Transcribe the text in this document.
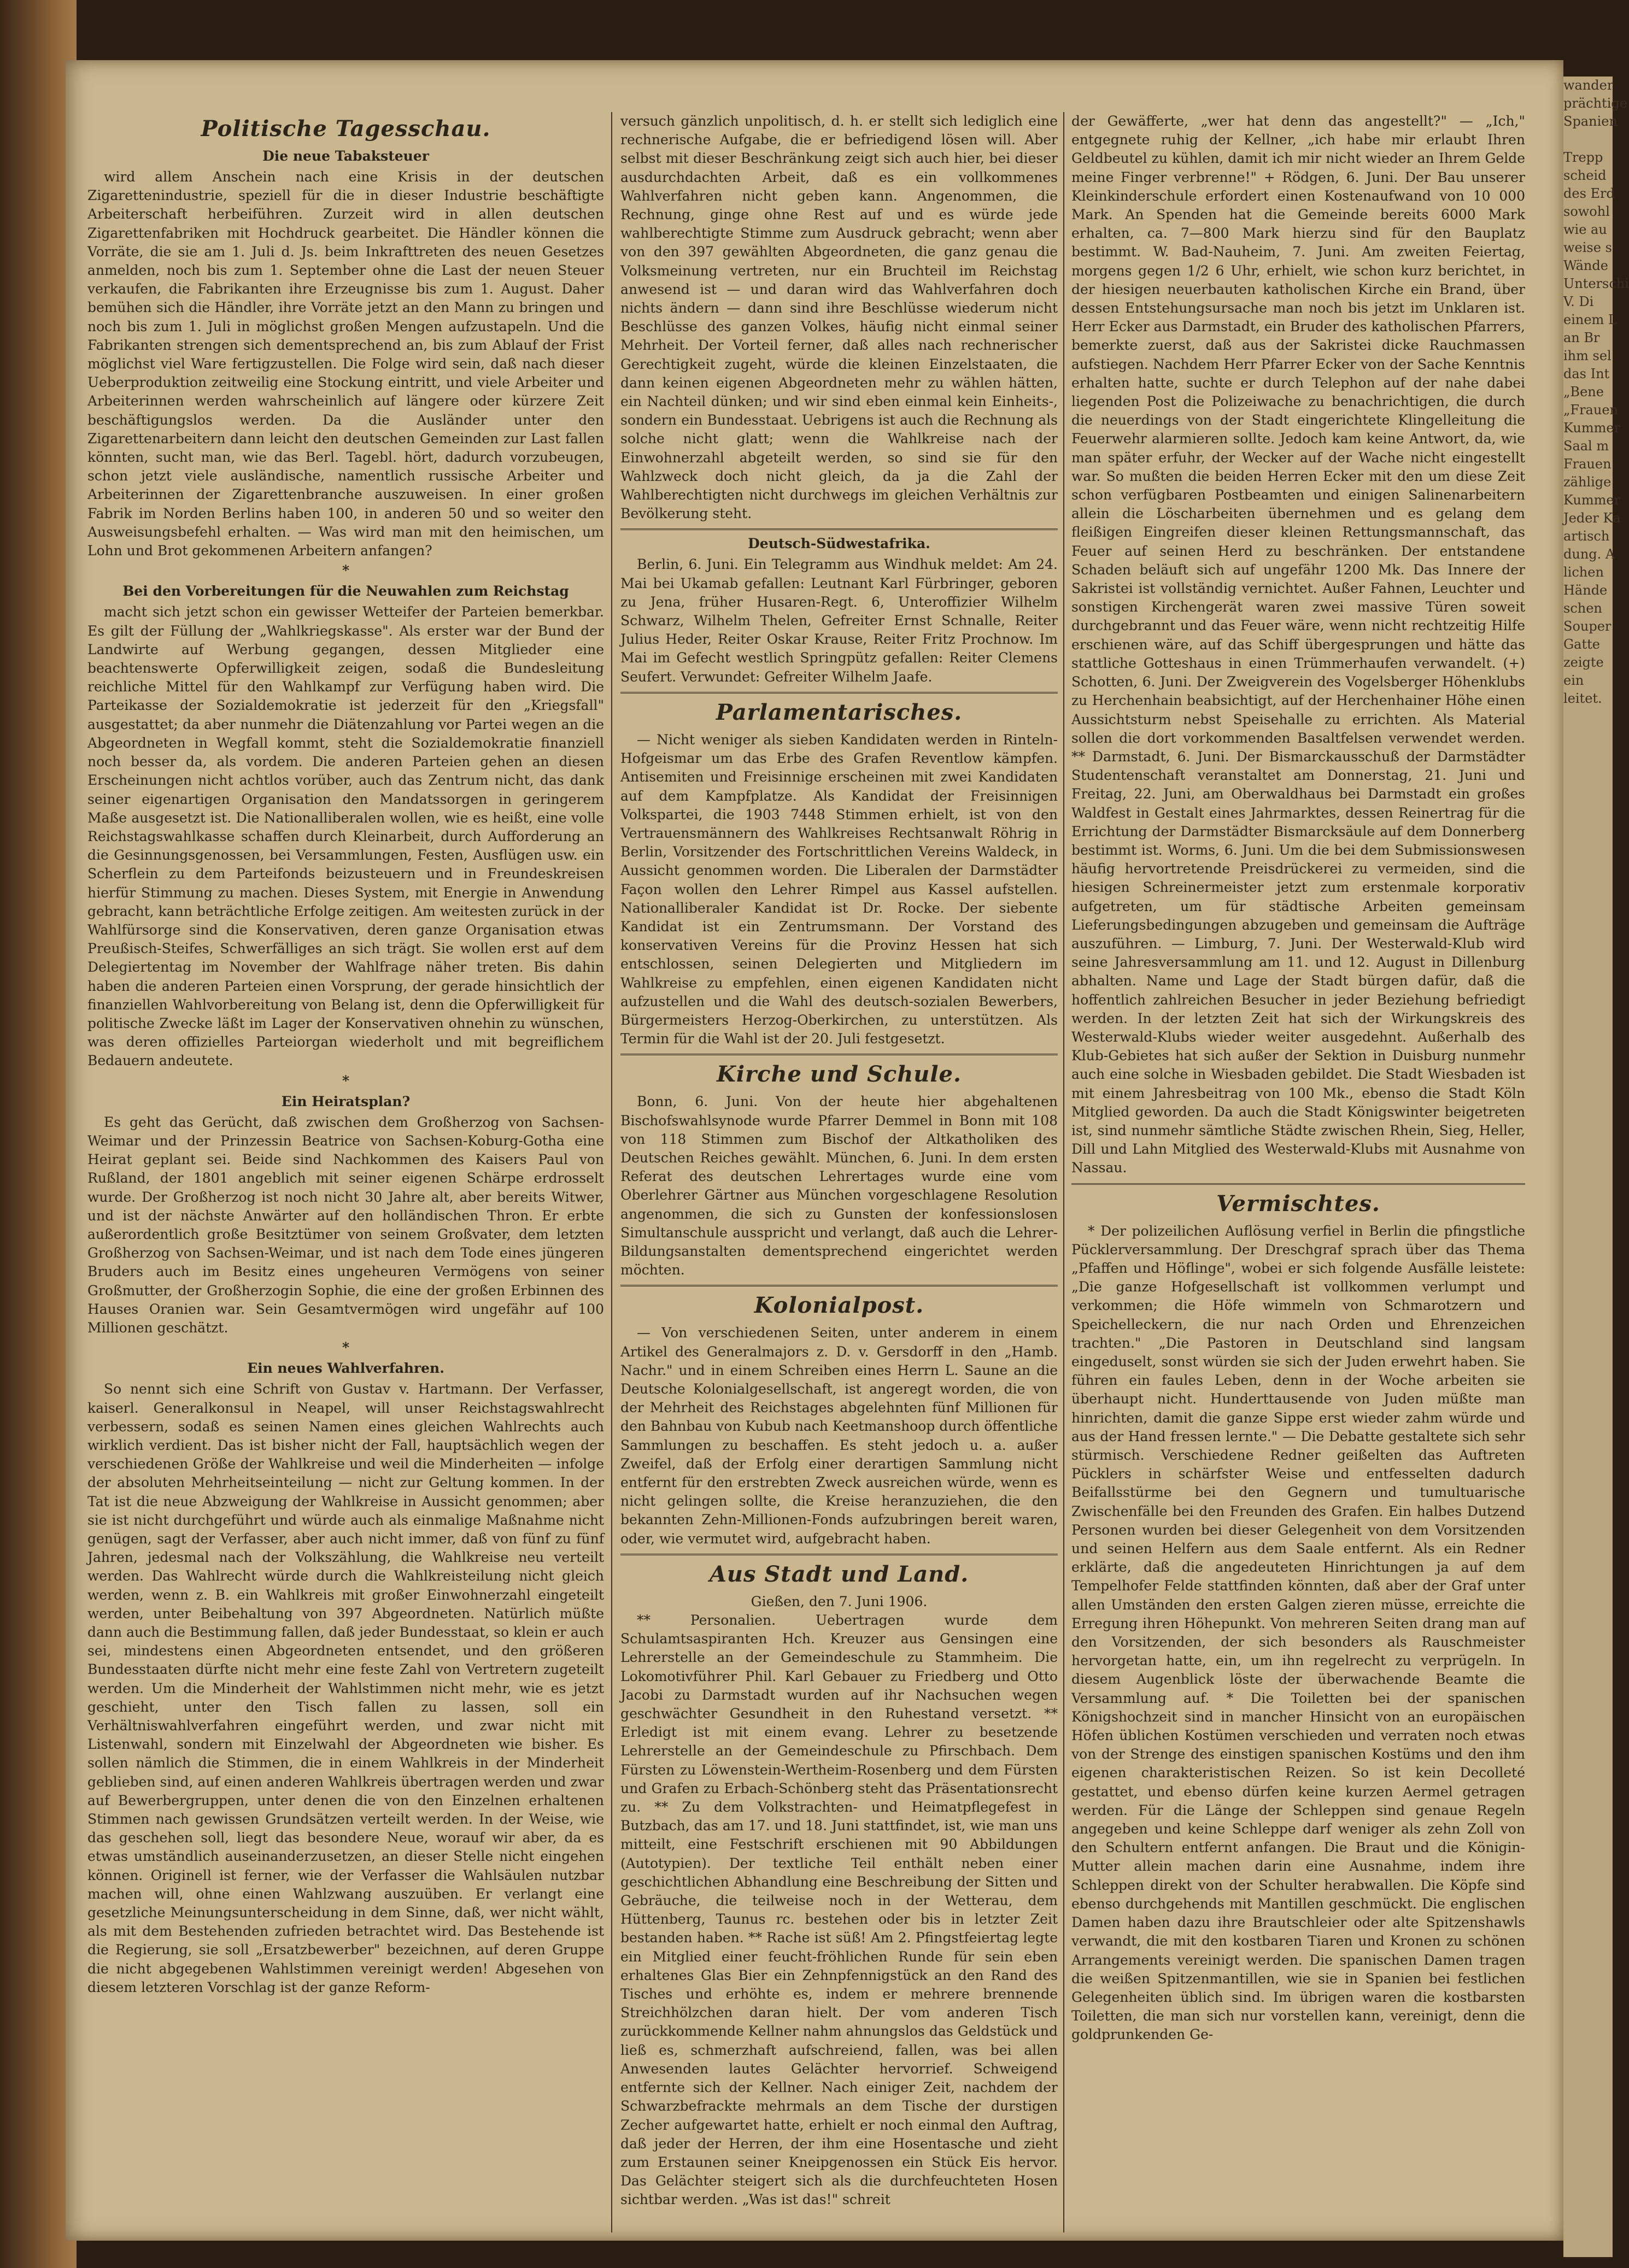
Politische Tagesschau.
Die neue Tabaksteuer

wird allem Anschein nach eine Krisis in der deutschen Zigarettenindustrie, speziell für die in dieser Industrie beschäftigte Arbeiterschaft herbeiführen. Zurzeit wird in allen deutschen Zigarettenfabriken mit Hochdruck gearbeitet. Die Händler können die Vorräte, die sie am 1. Juli d. Js. beim Inkrafttreten des neuen Gesetzes anmelden, noch bis zum 1. September ohne die Last der neuen Steuer verkaufen, die Fabrikanten ihre Erzeugnisse bis zum 1. August. Daher bemühen sich die Händler, ihre Vorräte jetzt an den Mann zu bringen und noch bis zum 1. Juli in möglichst großen Mengen aufzustapeln. Und die Fabrikanten strengen sich dementsprechend an, bis zum Ablauf der Frist möglichst viel Ware fertigzustellen. Die Folge wird sein, daß nach dieser Ueberproduktion zeitweilig eine Stockung eintritt, und viele Arbeiter und Arbeiterinnen werden wahrscheinlich auf längere oder kürzere Zeit beschäftigungslos werden. Da die Ausländer unter den Zigarettenarbeitern dann leicht den deutschen Gemeinden zur Last fallen könnten, sucht man, wie das Berl. Tagebl. hört, dadurch vorzubeugen, schon jetzt viele ausländische, namentlich russische Arbeiter und Arbeiterinnen der Zigarettenbranche auszuweisen. In einer großen Fabrik im Norden Berlins haben 100, in anderen 50 und so weiter den Ausweisungsbefehl erhalten. — Was wird man mit den heimischen, um Lohn und Brot gekommenen Arbeitern anfangen?

*
Bei den Vorbereitungen für die Neuwahlen zum Reichstag

macht sich jetzt schon ein gewisser Wetteifer der Parteien bemerkbar. Es gilt der Füllung der „Wahlkriegskasse". Als erster war der Bund der Landwirte auf Werbung gegangen, dessen Mitglieder eine beachtenswerte Opferwilligkeit zeigen, sodaß die Bundesleitung reichliche Mittel für den Wahlkampf zur Verfügung haben wird. Die Parteikasse der Sozialdemokratie ist jederzeit für den „Kriegsfall" ausgestattet; da aber nunmehr die Diätenzahlung vor Partei wegen an die Abgeordneten in Wegfall kommt, steht die Sozialdemokratie finanziell noch besser da, als vordem. Die anderen Parteien gehen an diesen Erscheinungen nicht achtlos vorüber, auch das Zentrum nicht, das dank seiner eigenartigen Organisation den Mandatssorgen in geringerem Maße ausgesetzt ist. Die Nationalliberalen wollen, wie es heißt, eine volle Reichstagswahlkasse schaffen durch Kleinarbeit, durch Aufforderung an die Gesinnungsgenossen, bei Versammlungen, Festen, Ausflügen usw. ein Scherflein zu dem Parteifonds beizusteuern und in Freundeskreisen hierfür Stimmung zu machen. Dieses System, mit Energie in Anwendung gebracht, kann beträchtliche Erfolge zeitigen. Am weitesten zurück in der Wahlfürsorge sind die Konservativen, deren ganze Organisation etwas Preußisch-Steifes, Schwerfälliges an sich trägt. Sie wollen erst auf dem Delegiertentag im November der Wahlfrage näher treten. Bis dahin haben die anderen Parteien einen Vorsprung, der gerade hinsichtlich der finanziellen Wahlvorbereitung von Belang ist, denn die Opferwilligkeit für politische Zwecke läßt im Lager der Konservativen ohnehin zu wünschen, was deren offizielles Parteiorgan wiederholt und mit begreiflichem Bedauern andeutete.

*
Ein Heiratsplan?

Es geht das Gerücht, daß zwischen dem Großherzog von Sachsen-Weimar und der Prinzessin Beatrice von Sachsen-Koburg-Gotha eine Heirat geplant sei. Beide sind Nachkommen des Kaisers Paul von Rußland, der 1801 angeblich mit seiner eigenen Schärpe erdrosselt wurde. Der Großherzog ist noch nicht 30 Jahre alt, aber bereits Witwer, und ist der nächste Anwärter auf den holländischen Thron. Er erbte außerordentlich große Besitztümer von seinem Großvater, dem letzten Großherzog von Sachsen-Weimar, und ist nach dem Tode eines jüngeren Bruders auch im Besitz eines ungeheuren Vermögens von seiner Großmutter, der Großherzogin Sophie, die eine der großen Erbinnen des Hauses Oranien war. Sein Gesamtvermögen wird ungefähr auf 100 Millionen geschätzt.

*
Ein neues Wahlverfahren.

So nennt sich eine Schrift von Gustav v. Hartmann. Der Verfasser, kaiserl. Generalkonsul in Neapel, will unser Reichstagswahlrecht verbessern, sodaß es seinen Namen eines gleichen Wahlrechts auch wirklich verdient. Das ist bisher nicht der Fall, hauptsächlich wegen der verschiedenen Größe der Wahlkreise und weil die Minderheiten — infolge der absoluten Mehrheitseinteilung — nicht zur Geltung kommen. In der Tat ist die neue Abzweigung der Wahlkreise in Aussicht genommen; aber sie ist nicht durchgeführt und würde auch als einmalige Maßnahme nicht genügen, sagt der Verfasser, aber auch nicht immer, daß von fünf zu fünf Jahren, jedesmal nach der Volkszählung, die Wahlkreise neu verteilt werden. Das Wahlrecht würde durch die Wahlkreisteilung nicht gleich werden, wenn z. B. ein Wahlkreis mit großer Einwohnerzahl eingeteilt werden, unter Beibehaltung von 397 Abgeordneten. Natürlich müßte dann auch die Bestimmung fallen, daß jeder Bundesstaat, so klein er auch sei, mindestens einen Abgeordneten entsendet, und den größeren Bundesstaaten dürfte nicht mehr eine feste Zahl von Vertretern zugeteilt werden. Um die Minderheit der Wahlstimmen nicht mehr, wie es jetzt geschieht, unter den Tisch fallen zu lassen, soll ein Verhältniswahlverfahren eingeführt werden, und zwar nicht mit Listenwahl, sondern mit Einzelwahl der Abgeordneten wie bisher. Es sollen nämlich die Stimmen, die in einem Wahlkreis in der Minderheit geblieben sind, auf einen anderen Wahlkreis übertragen werden und zwar auf Bewerbergruppen, unter denen die von den Einzelnen erhaltenen Stimmen nach gewissen Grundsätzen verteilt werden. In der Weise, wie das geschehen soll, liegt das besondere Neue, worauf wir aber, da es etwas umständlich auseinanderzusetzen, an dieser Stelle nicht eingehen können. Originell ist ferner, wie der Verfasser die Wahlsäulen nutzbar machen will, ohne einen Wahlzwang auszuüben. Er verlangt eine gesetzliche Meinungsunterscheidung in dem Sinne, daß, wer nicht wählt, als mit dem Bestehenden zufrieden betrachtet wird. Das Bestehende ist die Regierung, sie soll „Ersatzbewerber" bezeichnen, auf deren Gruppe die nicht abgegebenen Wahlstimmen vereinigt werden! Abgesehen von diesem letzteren Vorschlag ist der ganze Reform-

versuch gänzlich unpolitisch, d. h. er stellt sich lediglich eine rechnerische Aufgabe, die er befriedigend lösen will. Aber selbst mit dieser Beschränkung zeigt sich auch hier, bei dieser ausdurchdachten Arbeit, daß es ein vollkommenes Wahlverfahren nicht geben kann. Angenommen, die Rechnung, ginge ohne Rest auf und es würde jede wahlberechtigte Stimme zum Ausdruck gebracht; wenn aber von den 397 gewählten Abgeordneten, die ganz genau die Volksmeinung vertreten, nur ein Bruchteil im Reichstag anwesend ist — und daran wird das Wahlverfahren doch nichts ändern — dann sind ihre Beschlüsse wiederum nicht Beschlüsse des ganzen Volkes, häufig nicht einmal seiner Mehrheit. Der Vorteil ferner, daß alles nach rechnerischer Gerechtigkeit zugeht, würde die kleinen Einzelstaaten, die dann keinen eigenen Abgeordneten mehr zu wählen hätten, ein Nachteil dünken; und wir sind eben einmal kein Einheits-, sondern ein Bundesstaat. Uebrigens ist auch die Rechnung als solche nicht glatt; wenn die Wahlkreise nach der Einwohnerzahl abgeteilt werden, so sind sie für den Wahlzweck doch nicht gleich, da ja die Zahl der Wahlberechtigten nicht durchwegs im gleichen Verhältnis zur Bevölkerung steht.

Deutsch-Südwestafrika.

Berlin, 6. Juni. Ein Telegramm aus Windhuk meldet: Am 24. Mai bei Ukamab gefallen: Leutnant Karl Fürbringer, geboren zu Jena, früher Husaren-Regt. 6, Unteroffizier Wilhelm Schwarz, Wilhelm Thelen, Gefreiter Ernst Schnalle, Reiter Julius Heder, Reiter Oskar Krause, Reiter Fritz Prochnow. Im Mai im Gefecht westlich Springpütz gefallen: Reiter Clemens Seufert. Verwundet: Gefreiter Wilhelm Jaafe.

Parlamentarisches.

— Nicht weniger als sieben Kandidaten werden in Rinteln-Hofgeismar um das Erbe des Grafen Reventlow kämpfen. Antisemiten und Freisinnige erscheinen mit zwei Kandidaten auf dem Kampfplatze. Als Kandidat der Freisinnigen Volkspartei, die 1903 7448 Stimmen erhielt, ist von den Vertrauensmännern des Wahlkreises Rechtsanwalt Röhrig in Berlin, Vorsitzender des Fortschrittlichen Vereins Waldeck, in Aussicht genommen worden. Die Liberalen der Darmstädter Façon wollen den Lehrer Rimpel aus Kassel aufstellen. Nationalliberaler Kandidat ist Dr. Rocke. Der siebente Kandidat ist ein Zentrumsmann. Der Vorstand des konservativen Vereins für die Provinz Hessen hat sich entschlossen, seinen Delegierten und Mitgliedern im Wahlkreise zu empfehlen, einen eigenen Kandidaten nicht aufzustellen und die Wahl des deutsch-sozialen Bewerbers, Bürgermeisters Herzog-Oberkirchen, zu unterstützen. Als Termin für die Wahl ist der 20. Juli festgesetzt.

Kirche und Schule.

Bonn, 6. Juni. Von der heute hier abgehaltenen Bischofswahlsynode wurde Pfarrer Demmel in Bonn mit 108 von 118 Stimmen zum Bischof der Altkatholiken des Deutschen Reiches gewählt. München, 6. Juni. In dem ersten Referat des deutschen Lehrertages wurde eine vom Oberlehrer Gärtner aus München vorgeschlagene Resolution angenommen, die sich zu Gunsten der konfessionslosen Simultanschule ausspricht und verlangt, daß auch die Lehrer-Bildungsanstalten dementsprechend eingerichtet werden möchten.

Kolonialpost.

— Von verschiedenen Seiten, unter anderem in einem Artikel des Generalmajors z. D. v. Gersdorff in den „Hamb. Nachr." und in einem Schreiben eines Herrn L. Saune an die Deutsche Kolonialgesellschaft, ist angeregt worden, die von der Mehrheit des Reichstages abgelehnten fünf Millionen für den Bahnbau von Kubub nach Keetmanshoop durch öffentliche Sammlungen zu beschaffen. Es steht jedoch u. a. außer Zweifel, daß der Erfolg einer derartigen Sammlung nicht entfernt für den erstrebten Zweck ausreichen würde, wenn es nicht gelingen sollte, die Kreise heranzuziehen, die den bekannten Zehn-Millionen-Fonds aufzubringen bereit waren, oder, wie vermutet wird, aufgebracht haben.

Aus Stadt und Land.
Gießen, den 7. Juni 1906.

** Personalien. Uebertragen wurde dem Schulamtsaspiranten Hch. Kreuzer aus Gensingen eine Lehrerstelle an der Gemeindeschule zu Stammheim. Die Lokomotivführer Phil. Karl Gebauer zu Friedberg und Otto Jacobi zu Darmstadt wurden auf ihr Nachsuchen wegen geschwächter Gesundheit in den Ruhestand versetzt. ** Erledigt ist mit einem evang. Lehrer zu besetzende Lehrerstelle an der Gemeindeschule zu Pfirschbach. Dem Fürsten zu Löwenstein-Wertheim-Rosenberg und dem Fürsten und Grafen zu Erbach-Schönberg steht das Präsentationsrecht zu. ** Zu dem Volkstrachten- und Heimatpflegefest in Butzbach, das am 17. und 18. Juni stattfindet, ist, wie man uns mitteilt, eine Festschrift erschienen mit 90 Abbildungen (Autotypien). Der textliche Teil enthält neben einer geschichtlichen Abhandlung eine Beschreibung der Sitten und Gebräuche, die teilweise noch in der Wetterau, dem Hüttenberg, Taunus rc. bestehen oder bis in letzter Zeit bestanden haben. ** Rache ist süß! Am 2. Pfingstfeiertag legte ein Mitglied einer feucht-fröhlichen Runde für sein eben erhaltenes Glas Bier ein Zehnpfennigstück an den Rand des Tisches und erhöhte es, indem er mehrere brennende Streichhölzchen daran hielt. Der vom anderen Tisch zurückkommende Kellner nahm ahnungslos das Geldstück und ließ es, schmerzhaft aufschreiend, fallen, was bei allen Anwesenden lautes Gelächter hervorrief. Schweigend entfernte sich der Kellner. Nach einiger Zeit, nachdem der Schwarzbefrackte mehrmals an dem Tische der durstigen Zecher aufgewartet hatte, erhielt er noch einmal den Auftrag, daß jeder der Herren, der ihm eine Hosentasche und zieht zum Erstaunen seiner Kneipgenossen ein Stück Eis hervor. Das Gelächter steigert sich als die durchfeuchteten Hosen sichtbar werden. „Was ist das!" schreit

der Gewäfferte, „wer hat denn das angestellt?" — „Ich," entgegnete ruhig der Kellner, „ich habe mir erlaubt Ihren Geldbeutel zu kühlen, damit ich mir nicht wieder an Ihrem Gelde meine Finger verbrenne!" + Rödgen, 6. Juni. Der Bau unserer Kleinkinderschule erfordert einen Kostenaufwand von 10 000 Mark. An Spenden hat die Gemeinde bereits 6000 Mark erhalten, ca. 7—800 Mark hierzu sind für den Bauplatz bestimmt. W. Bad-Nauheim, 7. Juni. Am zweiten Feiertag, morgens gegen 1/2 6 Uhr, erhielt, wie schon kurz berichtet, in der hiesigen neuerbauten katholischen Kirche ein Brand, über dessen Entstehungsursache man noch bis jetzt im Unklaren ist. Herr Ecker aus Darmstadt, ein Bruder des katholischen Pfarrers, bemerkte zuerst, daß aus der Sakristei dicke Rauchmassen aufstiegen. Nachdem Herr Pfarrer Ecker von der Sache Kenntnis erhalten hatte, suchte er durch Telephon auf der nahe dabei liegenden Post die Polizeiwache zu benachrichtigen, die durch die neuerdings von der Stadt eingerichtete Klingelleitung die Feuerwehr alarmieren sollte. Jedoch kam keine Antwort, da, wie man später erfuhr, der Wecker auf der Wache nicht eingestellt war. So mußten die beiden Herren Ecker mit den um diese Zeit schon verfügbaren Postbeamten und einigen Salinenarbeitern allein die Löscharbeiten übernehmen und es gelang dem fleißigen Eingreifen dieser kleinen Rettungsmannschaft, das Feuer auf seinen Herd zu beschränken. Der entstandene Schaden beläuft sich auf ungefähr 1200 Mk. Das Innere der Sakristei ist vollständig vernichtet. Außer Fahnen, Leuchter und sonstigen Kirchengerät waren zwei massive Türen soweit durchgebrannt und das Feuer wäre, wenn nicht rechtzeitig Hilfe erschienen wäre, auf das Schiff übergesprungen und hätte das stattliche Gotteshaus in einen Trümmerhaufen verwandelt. (+) Schotten, 6. Juni. Der Zweigverein des Vogelsberger Höhenklubs zu Herchenhain beabsichtigt, auf der Herchenhainer Höhe einen Aussichtsturm nebst Speisehalle zu errichten. Als Material sollen die dort vorkommenden Basaltfelsen verwendet werden. ** Darmstadt, 6. Juni. Der Bismarckausschuß der Darmstädter Studentenschaft veranstaltet am Donnerstag, 21. Juni und Freitag, 22. Juni, am Oberwaldhaus bei Darmstadt ein großes Waldfest in Gestalt eines Jahrmarktes, dessen Reinertrag für die Errichtung der Darmstädter Bismarcksäule auf dem Donnerberg bestimmt ist. Worms, 6. Juni. Um die bei dem Submissionswesen häufig hervortretende Preisdrückerei zu vermeiden, sind die hiesigen Schreinermeister jetzt zum erstenmale korporativ aufgetreten, um für städtische Arbeiten gemeinsam Lieferungsbedingungen abzugeben und gemeinsam die Aufträge auszuführen. — Limburg, 7. Juni. Der Westerwald-Klub wird seine Jahresversammlung am 11. und 12. August in Dillenburg abhalten. Name und Lage der Stadt bürgen dafür, daß die hoffentlich zahlreichen Besucher in jeder Beziehung befriedigt werden. In der letzten Zeit hat sich der Wirkungskreis des Westerwald-Klubs wieder weiter ausgedehnt. Außerhalb des Klub-Gebietes hat sich außer der Sektion in Duisburg nunmehr auch eine solche in Wiesbaden gebildet. Die Stadt Wiesbaden ist mit einem Jahresbeitrag von 100 Mk., ebenso die Stadt Köln Mitglied geworden. Da auch die Stadt Königswinter beigetreten ist, sind nunmehr sämtliche Städte zwischen Rhein, Sieg, Heller, Dill und Lahn Mitglied des Westerwald-Klubs mit Ausnahme von Nassau.

Vermischtes.

* Der polizeilichen Auflösung verfiel in Berlin die pfingstliche Pücklerversammlung. Der Dreschgraf sprach über das Thema „Pfaffen und Höflinge", wobei er sich folgende Ausfälle leistete: „Die ganze Hofgesellschaft ist vollkommen verlumpt und verkommen; die Höfe wimmeln von Schmarotzern und Speichelleckern, die nur nach Orden und Ehrenzeichen trachten." „Die Pastoren in Deutschland sind langsam eingeduselt, sonst würden sie sich der Juden erwehrt haben. Sie führen ein faules Leben, denn in der Woche arbeiten sie überhaupt nicht. Hunderttausende von Juden müßte man hinrichten, damit die ganze Sippe erst wieder zahm würde und aus der Hand fressen lernte." — Die Debatte gestaltete sich sehr stürmisch. Verschiedene Redner geißelten das Auftreten Pücklers in schärfster Weise und entfesselten dadurch Beifallsstürme bei den Gegnern und tumultuarische Zwischenfälle bei den Freunden des Grafen. Ein halbes Dutzend Personen wurden bei dieser Gelegenheit von dem Vorsitzenden und seinen Helfern aus dem Saale entfernt. Als ein Redner erklärte, daß die angedeuteten Hinrichtungen ja auf dem Tempelhofer Felde stattfinden könnten, daß aber der Graf unter allen Umständen den ersten Galgen zieren müsse, erreichte die Erregung ihren Höhepunkt. Von mehreren Seiten drang man auf den Vorsitzenden, der sich besonders als Rauschmeister hervorgetan hatte, ein, um ihn regelrecht zu verprügeln. In diesem Augenblick löste der überwachende Beamte die Versammlung auf. * Die Toiletten bei der spanischen Königshochzeit sind in mancher Hinsicht von an europäischen Höfen üblichen Kostümen verschieden und verraten noch etwas von der Strenge des einstigen spanischen Kostüms und den ihm eigenen charakteristischen Reizen. So ist kein Decolleté gestattet, und ebenso dürfen keine kurzen Aermel getragen werden. Für die Länge der Schleppen sind genaue Regeln angegeben und keine Schleppe darf weniger als zehn Zoll von den Schultern entfernt anfangen. Die Braut und die Königin-Mutter allein machen darin eine Ausnahme, indem ihre Schleppen direkt von der Schulter herabwallen. Die Köpfe sind ebenso durchgehends mit Mantillen geschmückt. Die englischen Damen haben dazu ihre Brautschleier oder alte Spitzenshawls verwandt, die mit den kostbaren Tiaren und Kronen zu schönen Arrangements vereinigt werden. Die spanischen Damen tragen die weißen Spitzenmantillen, wie sie in Spanien bei festlichen Gelegenheiten üblich sind. Im übrigen waren die kostbarsten Toiletten, die man sich nur vorstellen kann, vereinigt, denn die goldprunkenden Ge-

wander
prächtige
Spanien

Trepp
scheid
des Erd
sowohl
wie au
weise s
Wände
Unterschi
V. Di
einem L
an Br
ihm sel
das Int
„Bene
„Frauen
Kummer
Saal m
Frauen
zählige
Kummer
Jeder Ka
artisch
dung. A
lichen
Hände
schen
Souper
Gatte
zeigte
ein
leitet.
